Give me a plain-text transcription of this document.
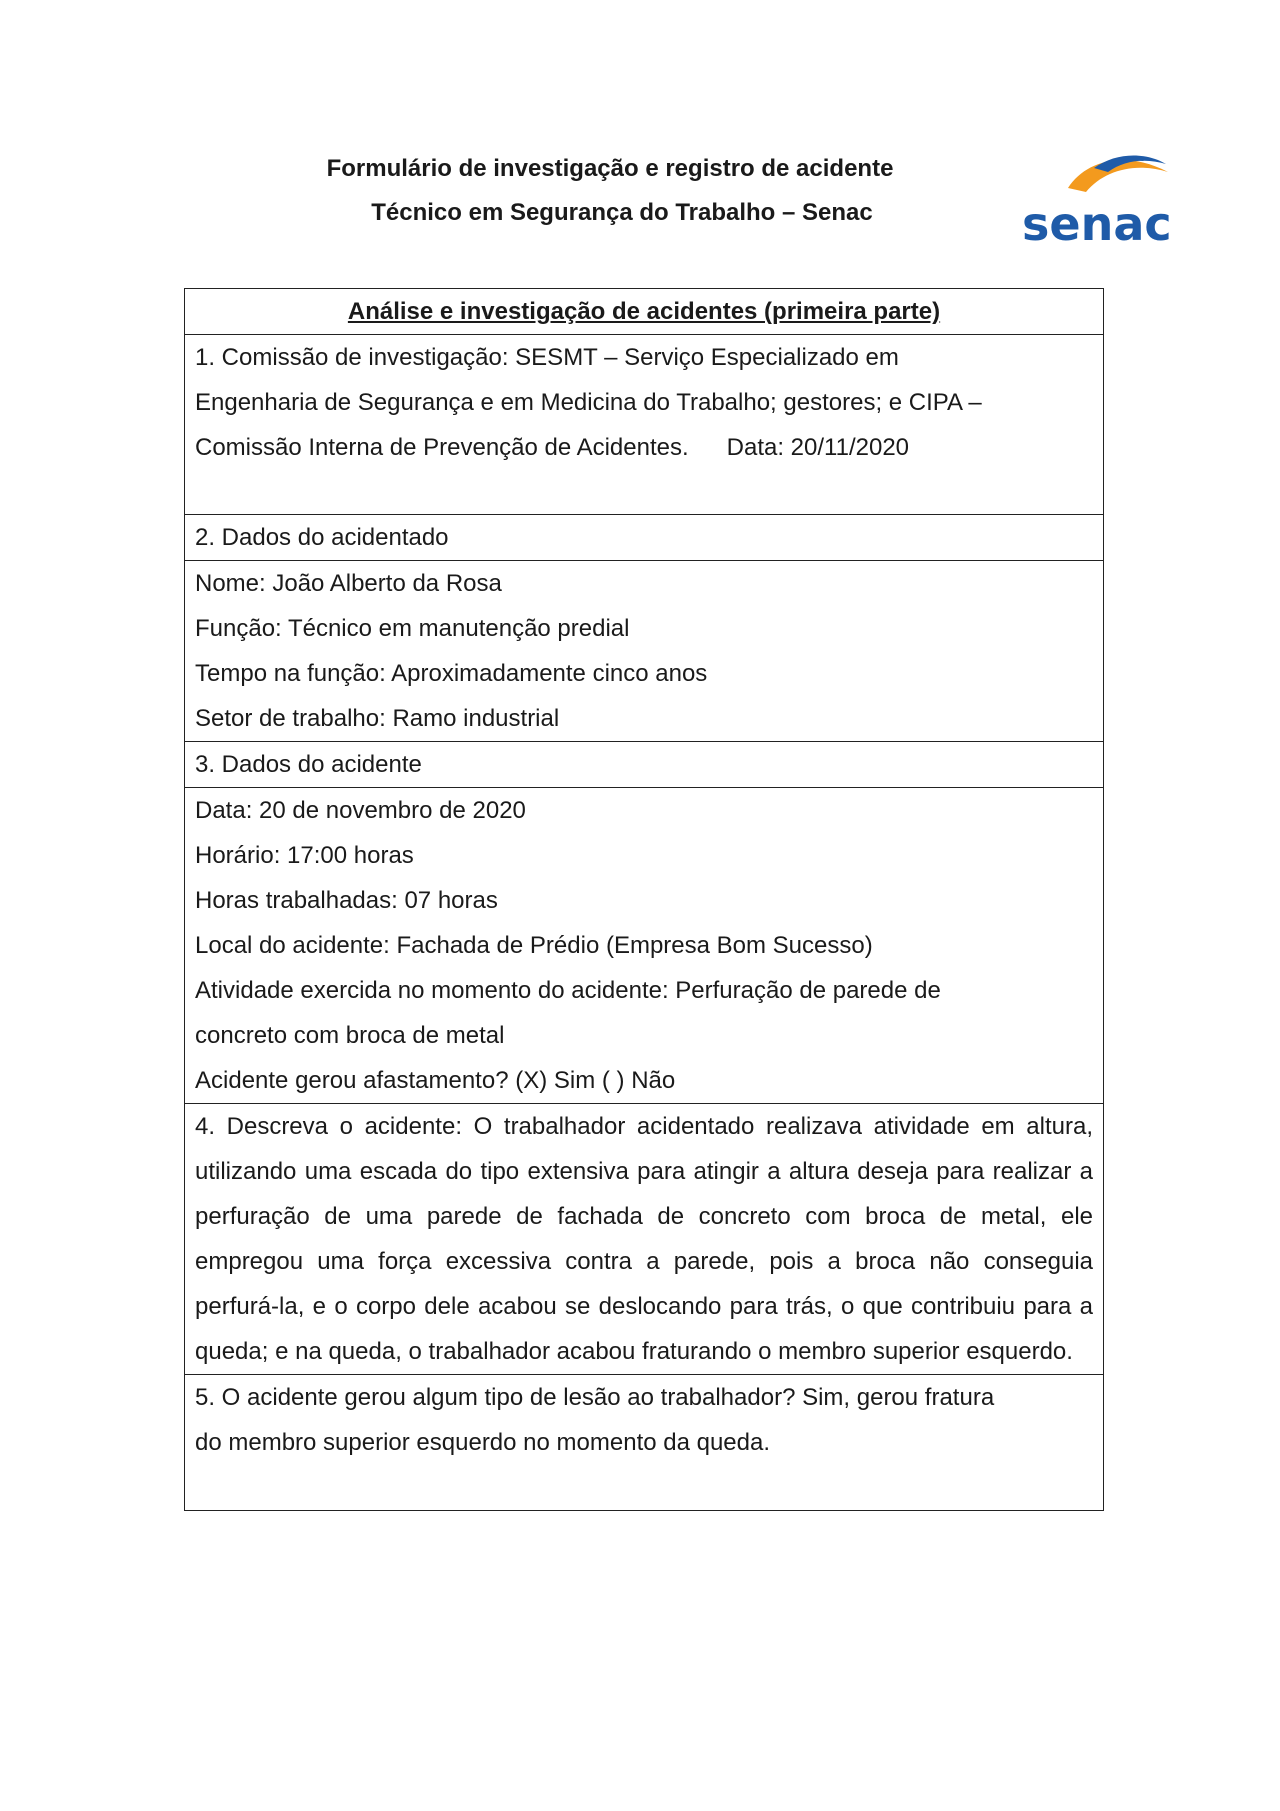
Formulário de investigação e registro de acidente
Técnico em Segurança do Trabalho – Senac	senac
Análise e investigação de acidentes (primeira parte)
1. Comissão de investigação: SESMT – Serviço Especializado em
Engenharia de Segurança e em Medicina do Trabalho; gestores; e CIPA –
Comissão Interna de Prevenção de Acidentes. Data: 20/11/2020
2. Dados do acidentado
Nome: João Alberto da Rosa
Função: Técnico em manutenção predial
Tempo na função: Aproximadamente cinco anos
Setor de trabalho: Ramo industrial
3. Dados do acidente
Data: 20 de novembro de 2020
Horário: 17:00 horas
Horas trabalhadas: 07 horas
Local do acidente: Fachada de Prédio (Empresa Bom Sucesso)
Atividade exercida no momento do acidente: Perfuração de parede de
concreto com broca de metal
Acidente gerou afastamento? (X) Sim ( ) Não
4. Descreva o acidente: O trabalhador acidentado realizava atividade em altura, utilizando uma escada do tipo extensiva para atingir a altura deseja para realizar a perfuração de uma parede de fachada de concreto com broca de metal, ele empregou uma força excessiva contra a parede, pois a broca não conseguia perfurá-la, e o corpo dele acabou se deslocando para trás, o que contribuiu para a queda; e na queda, o trabalhador acabou fraturando o membro superior esquerdo.
5. O acidente gerou algum tipo de lesão ao trabalhador? Sim, gerou fratura
do membro superior esquerdo no momento da queda.
